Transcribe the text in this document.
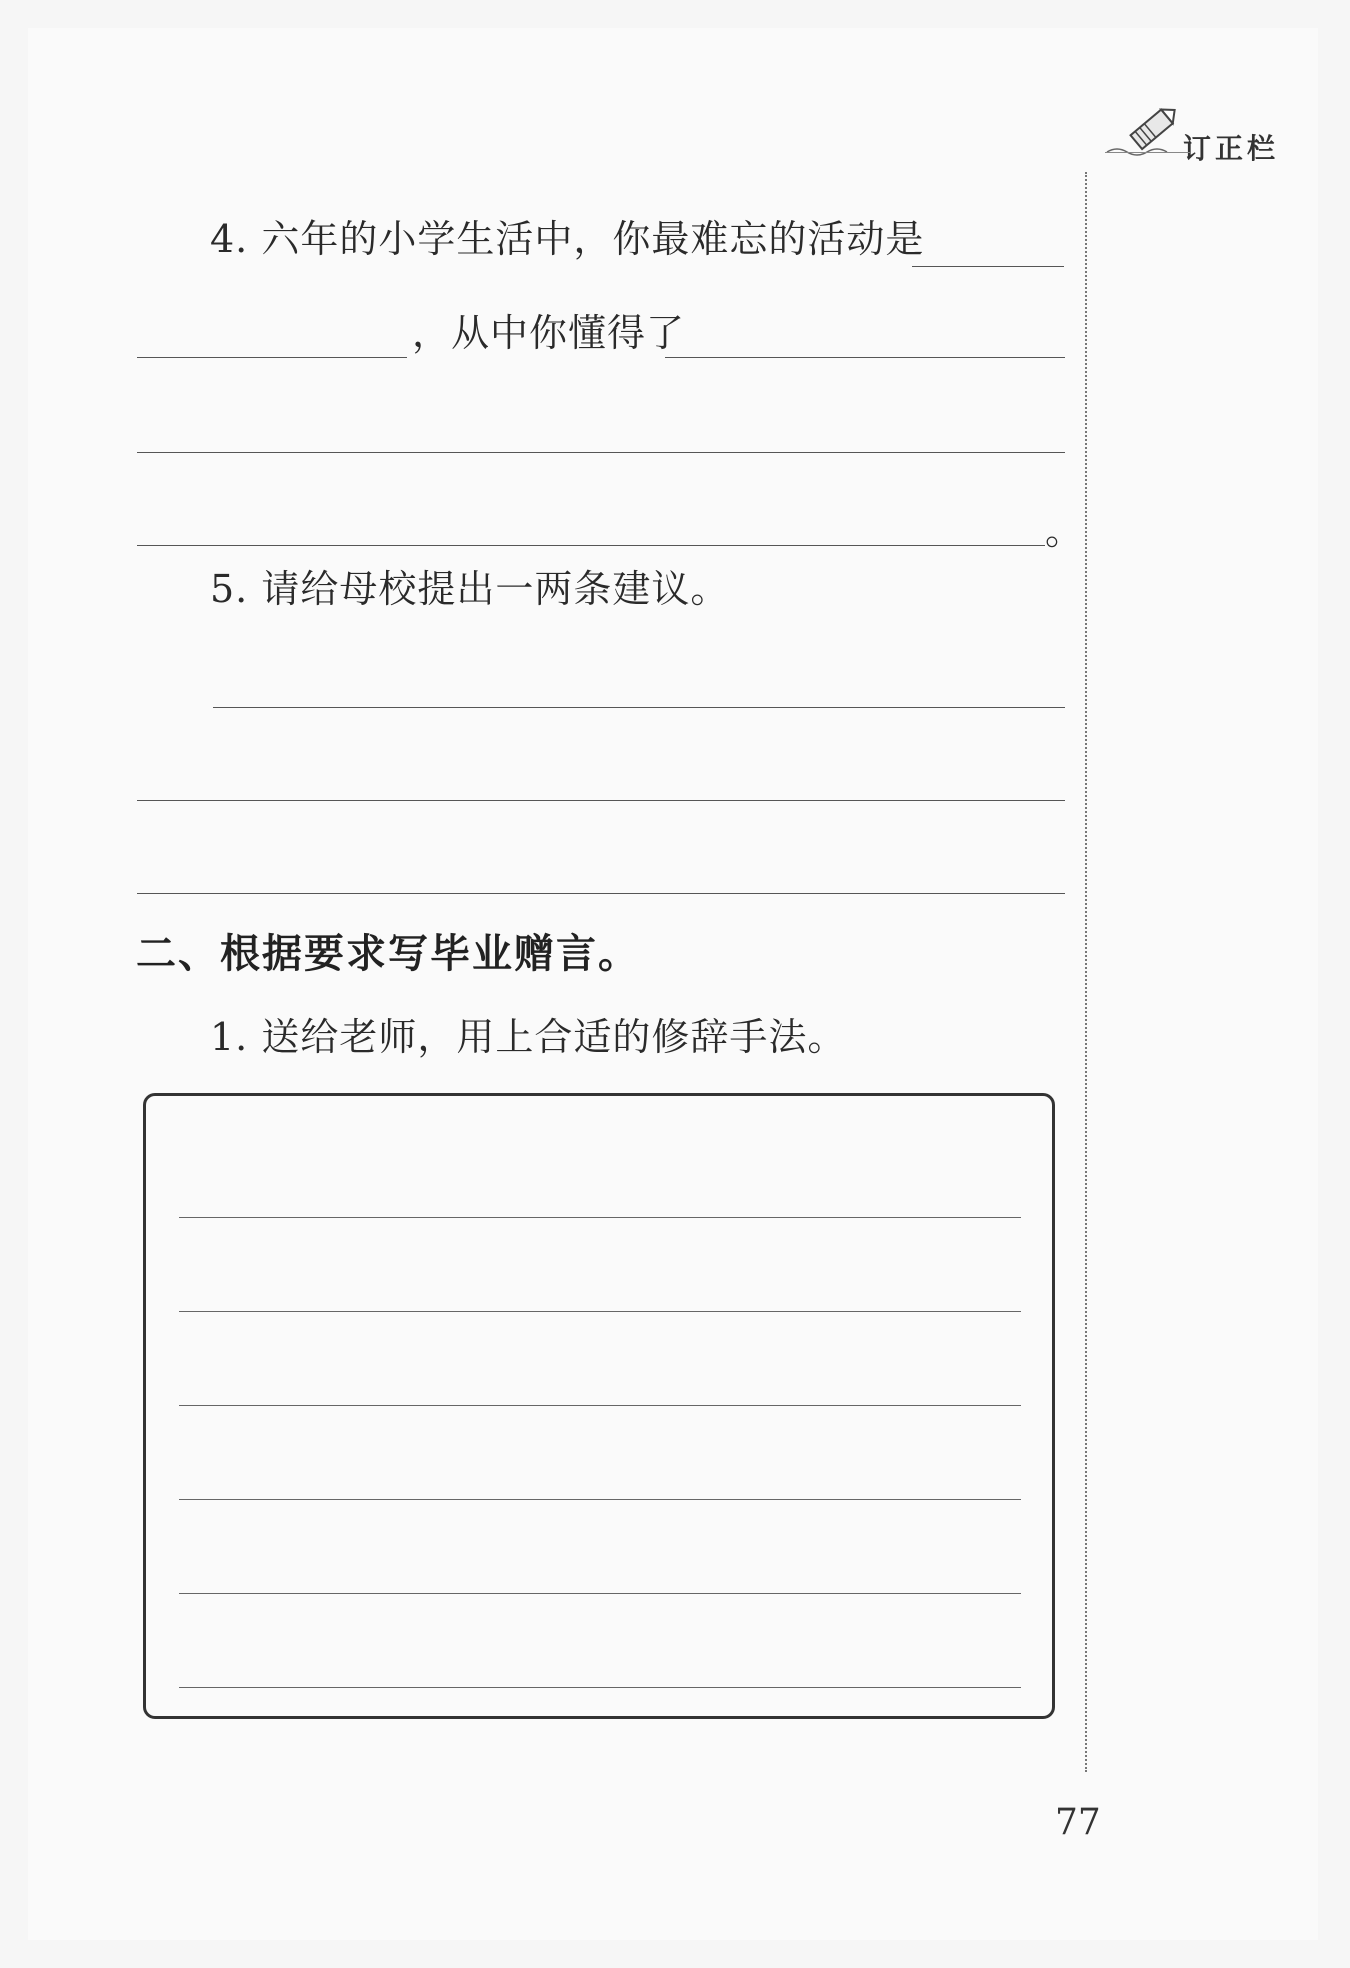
订正栏
4. 六年的小学生活中，你最难忘的活动是
，从中你懂得了
。
5. 请给母校提出一两条建议。
二、根据要求写毕业赠言。
1. 送给老师，用上合适的修辞手法。
77
